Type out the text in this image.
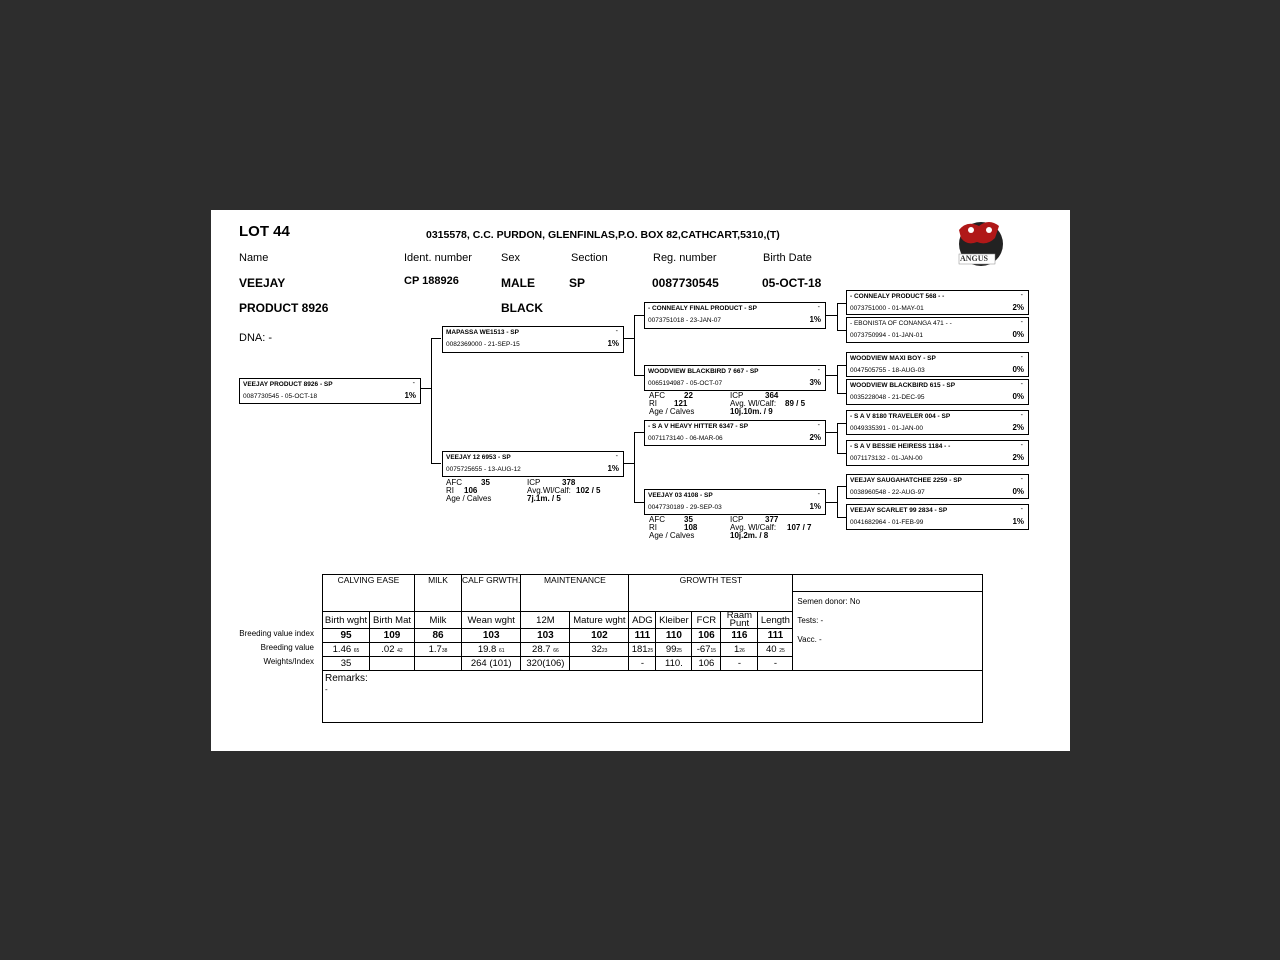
LOT 44	0315578, C.C. PURDON, GLENFINLAS,P.O. BOX 82,CATHCART,5310,(T)
ANGUS
Name	Ident. number	Sex	Section	Reg. number	Birth Date
VEEJAY
PRODUCT 8926
CP 188926	MALE
BLACK
SP	0087730545	05-OCT-18
DNA: -
VEEJAY PRODUCT 8926 - SP	-
0087730545 - 05-OCT-18	1%
MAPASSA WE1513 - SP	-
0082369000 - 21-SEP-15	1%
VEEJAY 12 6953 - SP	-
0075725655 - 13-AUG-12	1%
AFC 35	ICP	378
RI 106	Avg.Wl/Calf: 102 / 5
Age / Calves	7j.1m. / 5
- CONNEALY FINAL PRODUCT - SP	-
0073751018 - 23-JAN-07	1%
WOODVIEW BLACKBIRD 7 667 - SP	-
0065194987 - 05-OCT-07	3%
AFC 22	ICP	364
RI 121	Avg. Wl/Calf: 89 / 5
Age / Calves	10j.10m. / 9
- S A V HEAVY HITTER 6347 - SP	-
0071173140 - 06-MAR-06	2%
VEEJAY 03 4108 - SP	-
0047730189 - 29-SEP-03	1%
AFC 35	ICP	377
RI	108	Avg. Wl/Calf: 107 / 7
Age / Calves	10j.2m. / 8
- CONNEALY PRODUCT 568 - -	-
0073751000 - 01-MAY-01	2%
- EBONISTA OF CONANGA 471 - -	-
0073750994 - 01-JAN-01	0%
WOODVIEW MAXI BOY - SP	-
0047505755 - 18-AUG-03	0%
WOODVIEW BLACKBIRD 615 - SP	-
0035228048 - 21-DEC-95	0%
- S A V 8180 TRAVELER 004 - SP	-
0049335391 - 01-JAN-00	2%
- S A V BESSIE HEIRESS 1184 - -	-
0071173132 - 01-JAN-00	2%
VEEJAY SAUGAHATCHEE 2259 - SP	-
0038960548 - 22-AUG-97	0%
VEEJAY SCARLET 99 2834 - SP	-
0041682964 - 01-FEB-99	1%
Breeding value index
Breeding value
Weights/Index
CALVING EASE		MILK	CALF GRWTH.	MAINTENANCE		GROWTH TEST					

											Semen donor: No
Tests: -
Vacc. -

Birth wght	Birth Mat	Milk	Wean wght	12M	Mature wght	ADG	Kleiber	FCR	Raam Punt	Length	
95	109	86	103	103	102	111	110	106	116	111	
1.46 65	.02 42	1.738	19.8 61	28.7 66	3223	18125	9925	-6715	126	40 25	
35			264 (101)	320(106)		-	110.	106	-	-	

Remarks:
-											
